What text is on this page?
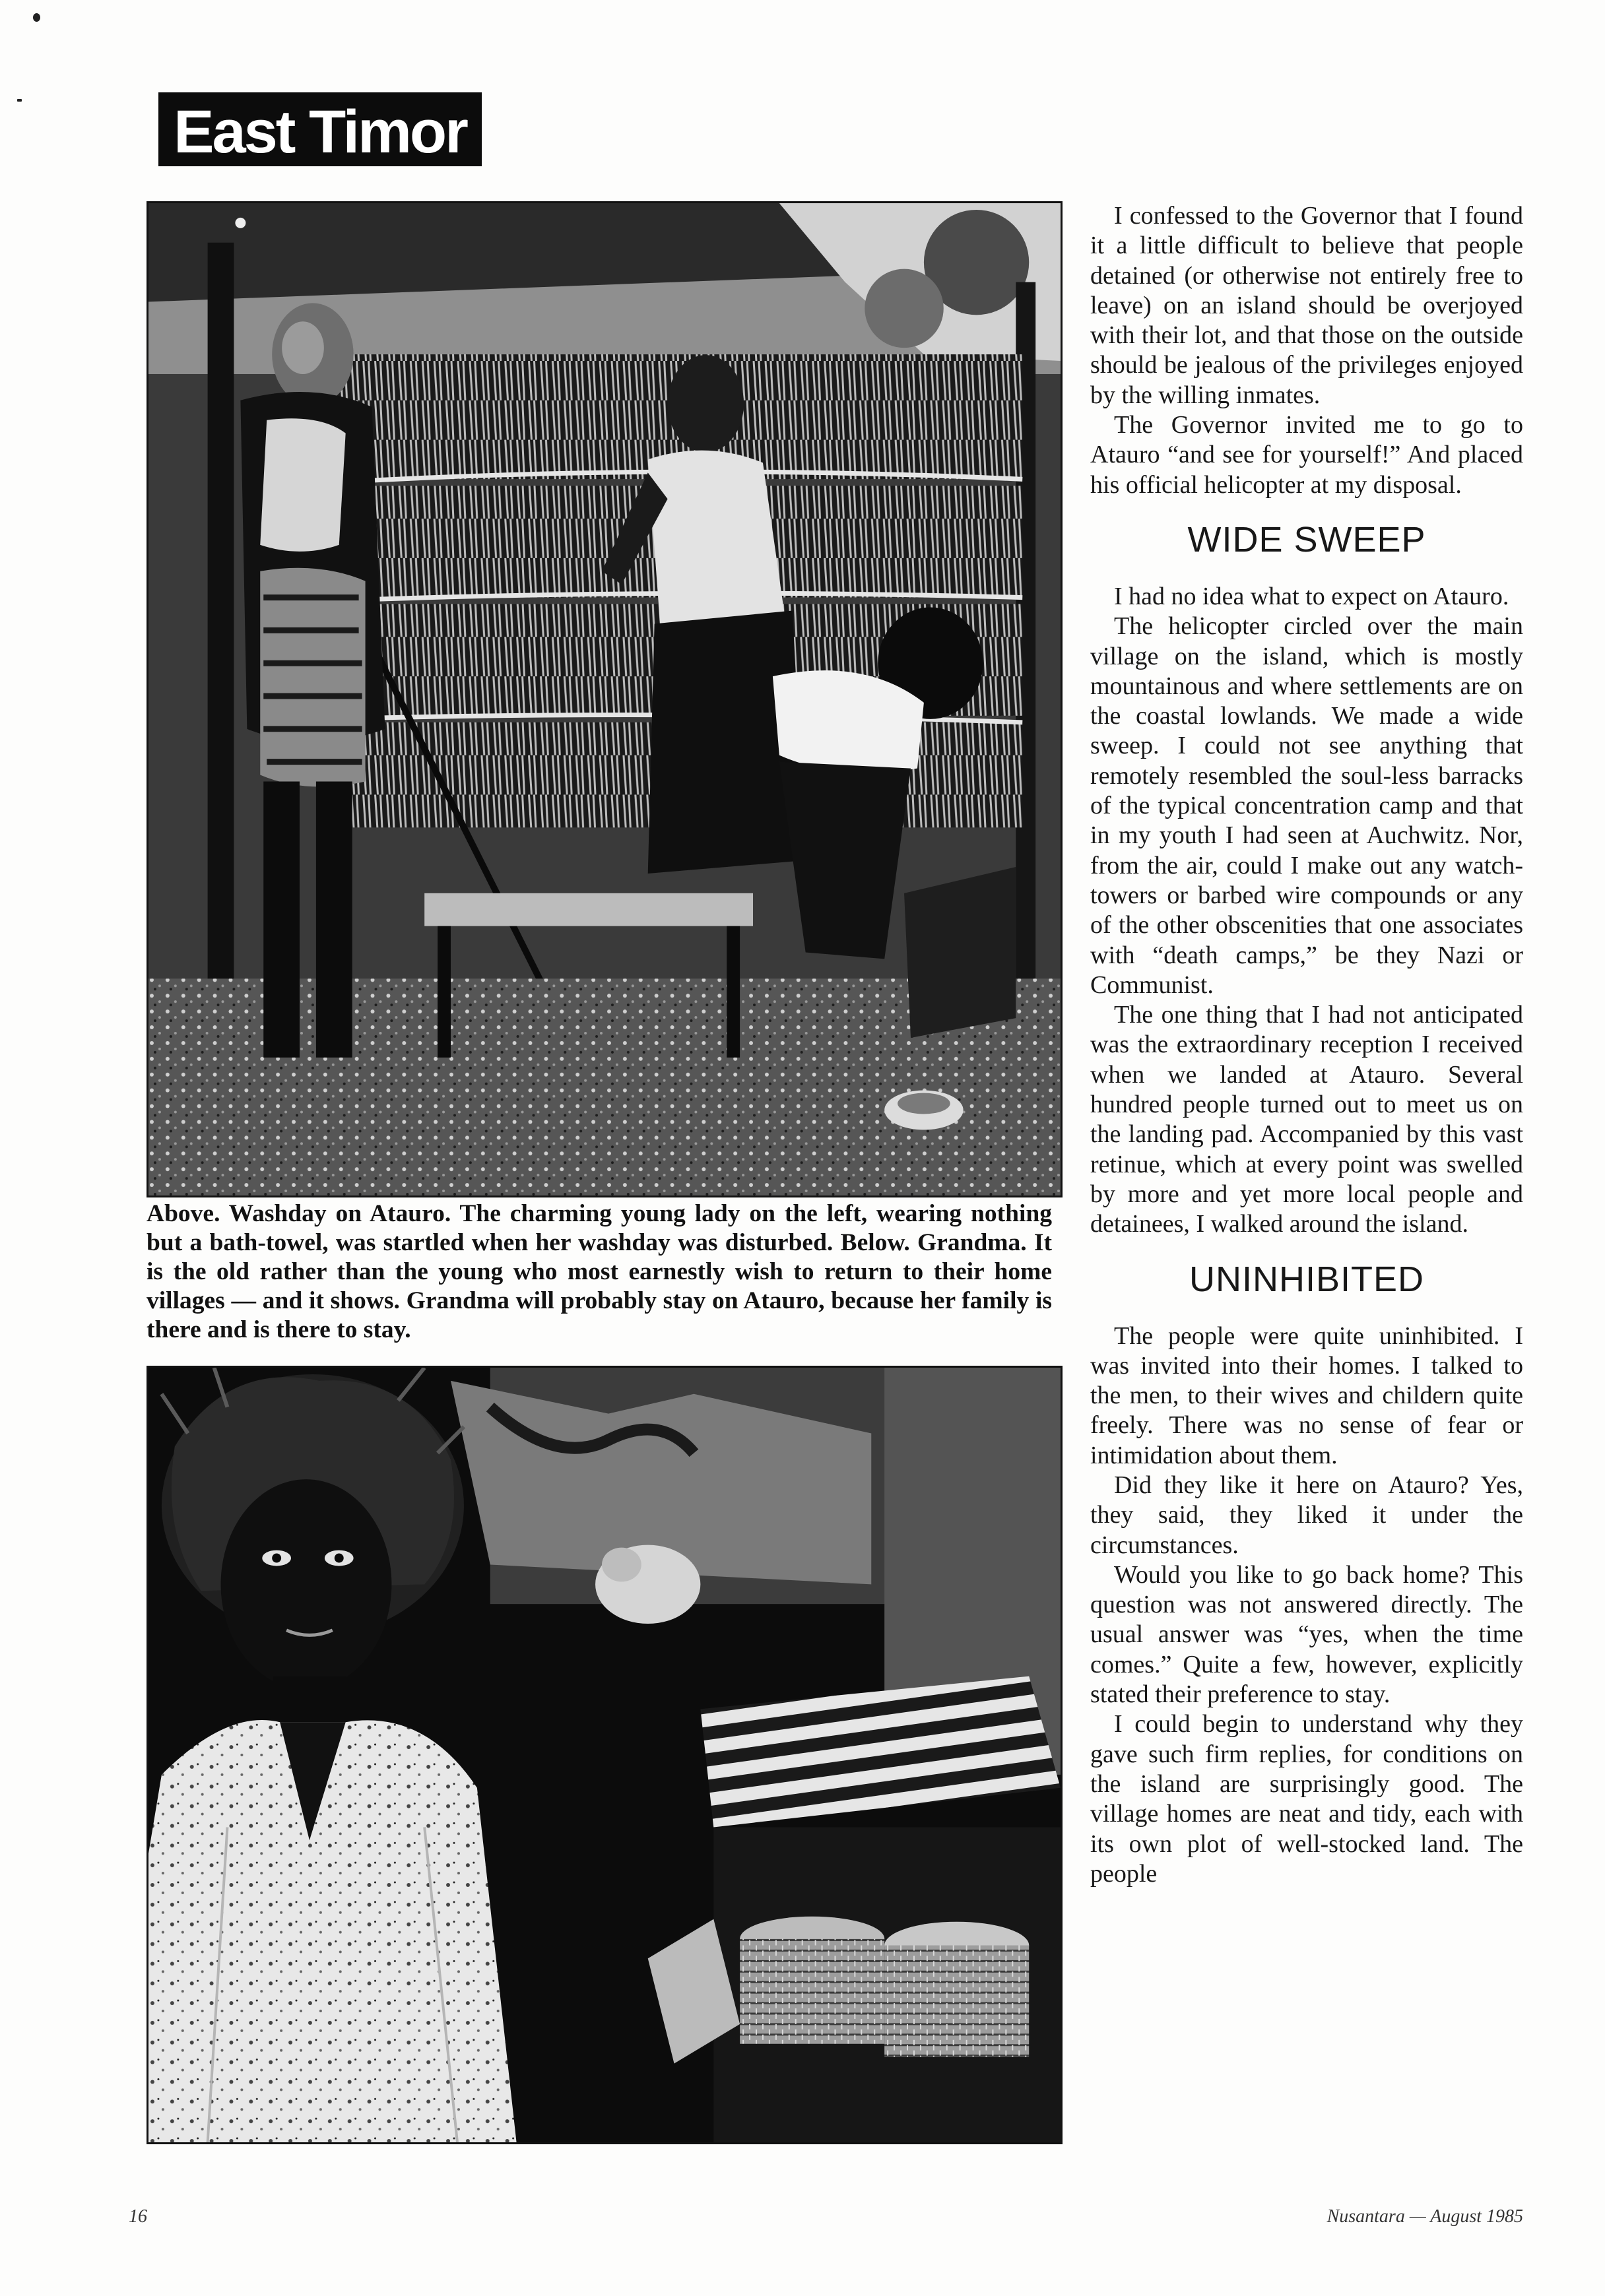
East Timor
Above. Washday on Atauro. The charming young lady on the left, wearing nothing but a bath-towel, was startled when her washday was disturbed. Below. Grandma. It is the old rather than the young who most earnestly wish to return to their home villages — and it shows. Grandma will probably stay on Atauro, because her family is there and is there to stay.

I confessed to the Governor that I found it a little difficult to believe that people detained (or otherwise not entirely free to leave) on an island should be overjoyed with their lot, and that those on the outside should be jealous of the privileges enjoyed by the willing inmates.

The Governor invited me to go to Atauro “and see for yourself!” And placed his official helicopter at my disposal.

WIDE SWEEP

I had no idea what to expect on Atauro.

The helicopter circled over the main village on the island, which is mostly mountainous and where settlements are on the coastal lowlands. We made a wide sweep. I could not see anything that remotely resembled the soul-less barracks of the typical concentration camp and that in my youth I had seen at Auchwitz. Nor, from the air, could I make out any watch-towers or barbed wire compounds or any of the other obscenities that one associates with “death camps,” be they Nazi or Communist.

The one thing that I had not anticipated was the extraordinary reception I received when we landed at Atauro. Several hundred people turned out to meet us on the landing pad. Accompanied by this vast retinue, which at every point was swelled by more and yet more local people and detainees, I walked around the island.

UNINHIBITED

The people were quite uninhibited. I was invited into their homes. I talked to the men, to their wives and childern quite freely. There was no sense of fear or intimidation about them.

Did they like it here on Atauro? Yes, they said, they liked it under the circumstances.

Would you like to go back home? This question was not answered directly. The usual answer was “yes, when the time comes.” Quite a few, however, explicitly stated their preference to stay.

I could begin to understand why they gave such firm replies, for conditions on the island are surprisingly good. The village homes are neat and tidy, each with its own plot of well-stocked land. The people

16	Nusantara — August 1985
